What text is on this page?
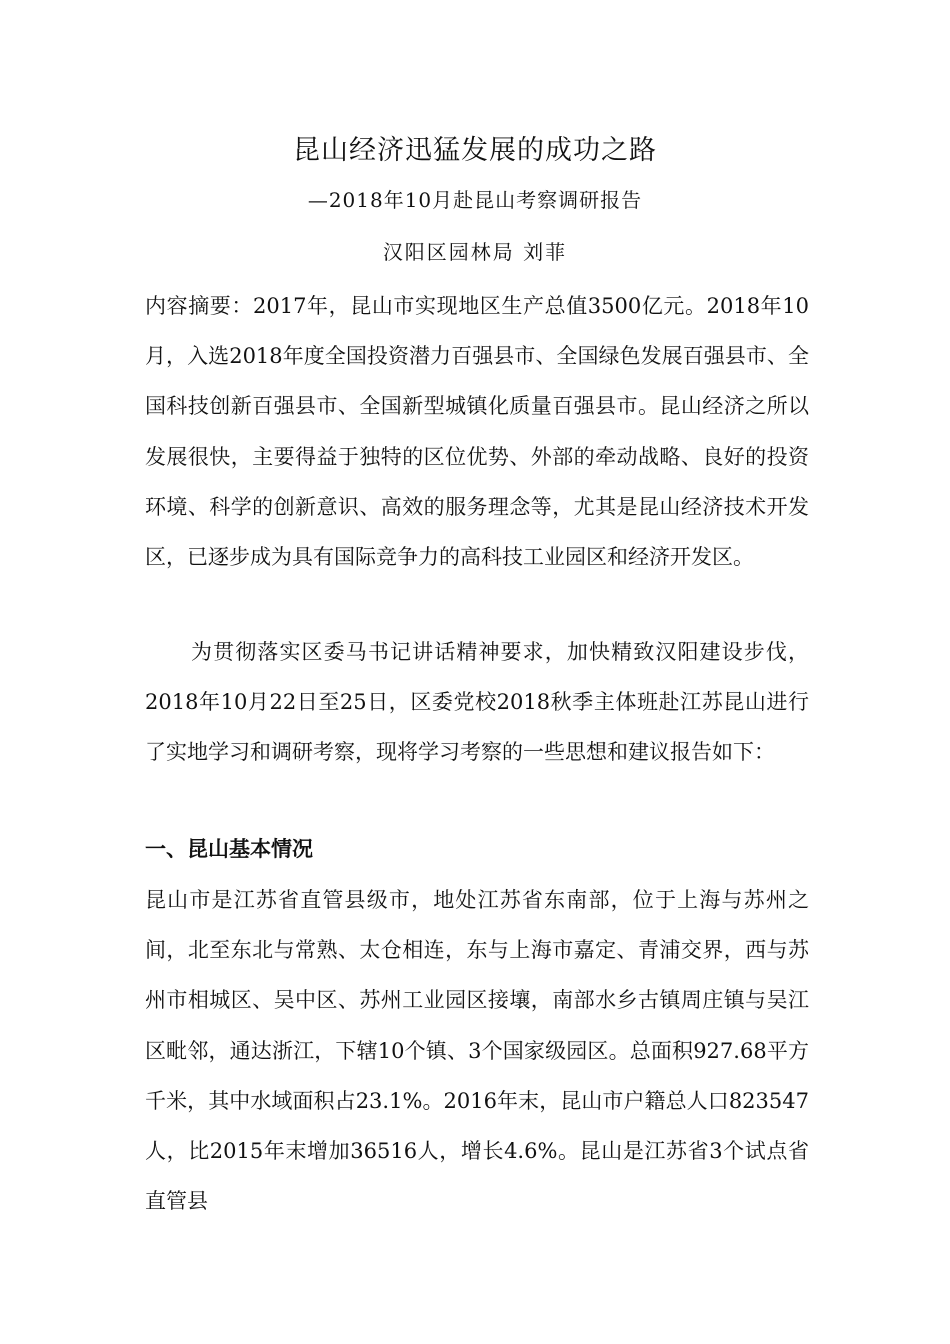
昆山经济迅猛发展的成功之路
—2018年10月赴昆山考察调研报告
汉阳区园林局 刘菲

内容摘要：2017年，昆山市实现地区生产总值3500亿元。2018年10月，入选2018年度全国投资潜力百强县市、全国绿色发展百强县市、全国科技创新百强县市、全国新型城镇化质量百强县市。昆山经济之所以发展很快，主要得益于独特的区位优势、外部的牵动战略、良好的投资环境、科学的创新意识、高效的服务理念等，尤其是昆山经济技术开发区，已逐步成为具有国际竞争力的高科技工业园区和经济开发区。

为贯彻落实区委马书记讲话精神要求，加快精致汉阳建设步伐，2018年10月22日至25日，区委党校2018秋季主体班赴江苏昆山进行了实地学习和调研考察，现将学习考察的一些思想和建议报告如下：

一、昆山基本情况

昆山市是江苏省直管县级市，地处江苏省东南部，位于上海与苏州之间，北至东北与常熟、太仓相连，东与上海市嘉定、青浦交界，西与苏州市相城区、吴中区、苏州工业园区接壤，南部水乡古镇周庄镇与吴江区毗邻，通达浙江，下辖10个镇、3个国家级园区。总面积927.68平方千米，其中水域面积占23.1%。2016年末，昆山市户籍总人口823547人，比2015年末增加36516人，增长4.6%。昆山是江苏省3个试点省直管县
